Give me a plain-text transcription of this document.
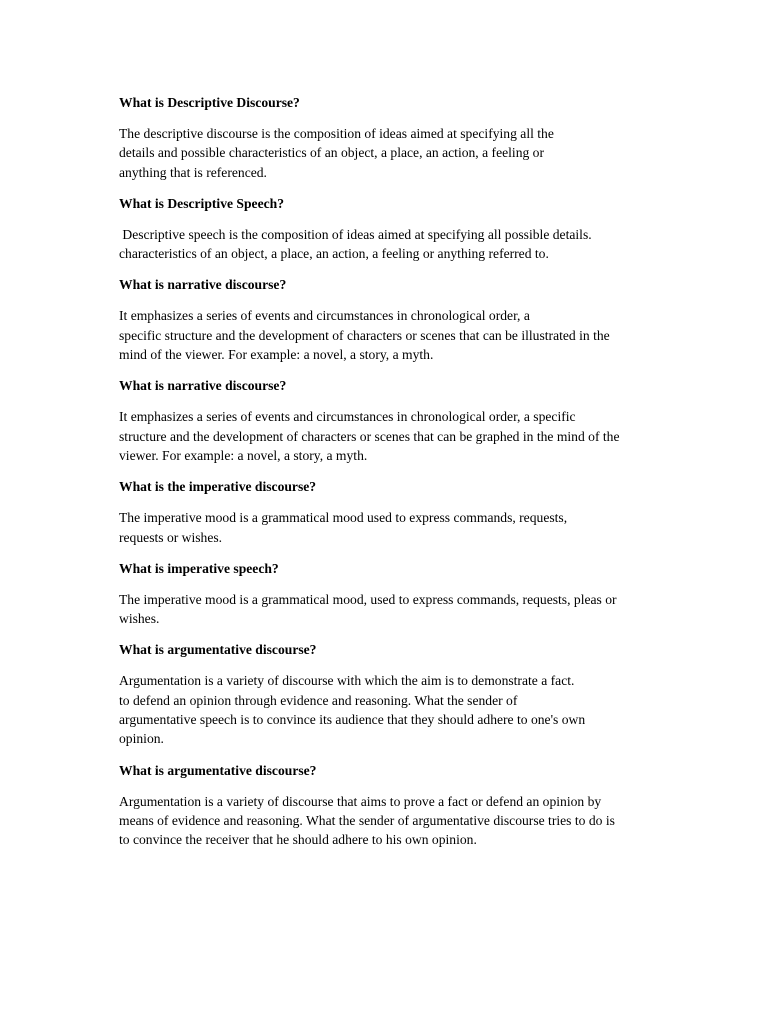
What is Descriptive Discourse?
The descriptive discourse is the composition of ideas aimed at specifying all the
details and possible characteristics of an object, a place, an action, a feeling or
anything that is referenced.
What is Descriptive Speech?
Descriptive speech is the composition of ideas aimed at specifying all possible details.
characteristics of an object, a place, an action, a feeling or anything referred to.
What is narrative discourse?
It emphasizes a series of events and circumstances in chronological order, a
specific structure and the development of characters or scenes that can be illustrated in the
mind of the viewer. For example: a novel, a story, a myth.
What is narrative discourse?
It emphasizes a series of events and circumstances in chronological order, a specific
structure and the development of characters or scenes that can be graphed in the mind of the
viewer. For example: a novel, a story, a myth.
What is the imperative discourse?
The imperative mood is a grammatical mood used to express commands, requests,
requests or wishes.
What is imperative speech?
The imperative mood is a grammatical mood, used to express commands, requests, pleas or
wishes.
What is argumentative discourse?
Argumentation is a variety of discourse with which the aim is to demonstrate a fact.
to defend an opinion through evidence and reasoning. What the sender of
argumentative speech is to convince its audience that they should adhere to one's own
opinion.
What is argumentative discourse?
Argumentation is a variety of discourse that aims to prove a fact or defend an opinion by
means of evidence and reasoning. What the sender of argumentative discourse tries to do is
to convince the receiver that he should adhere to his own opinion.
